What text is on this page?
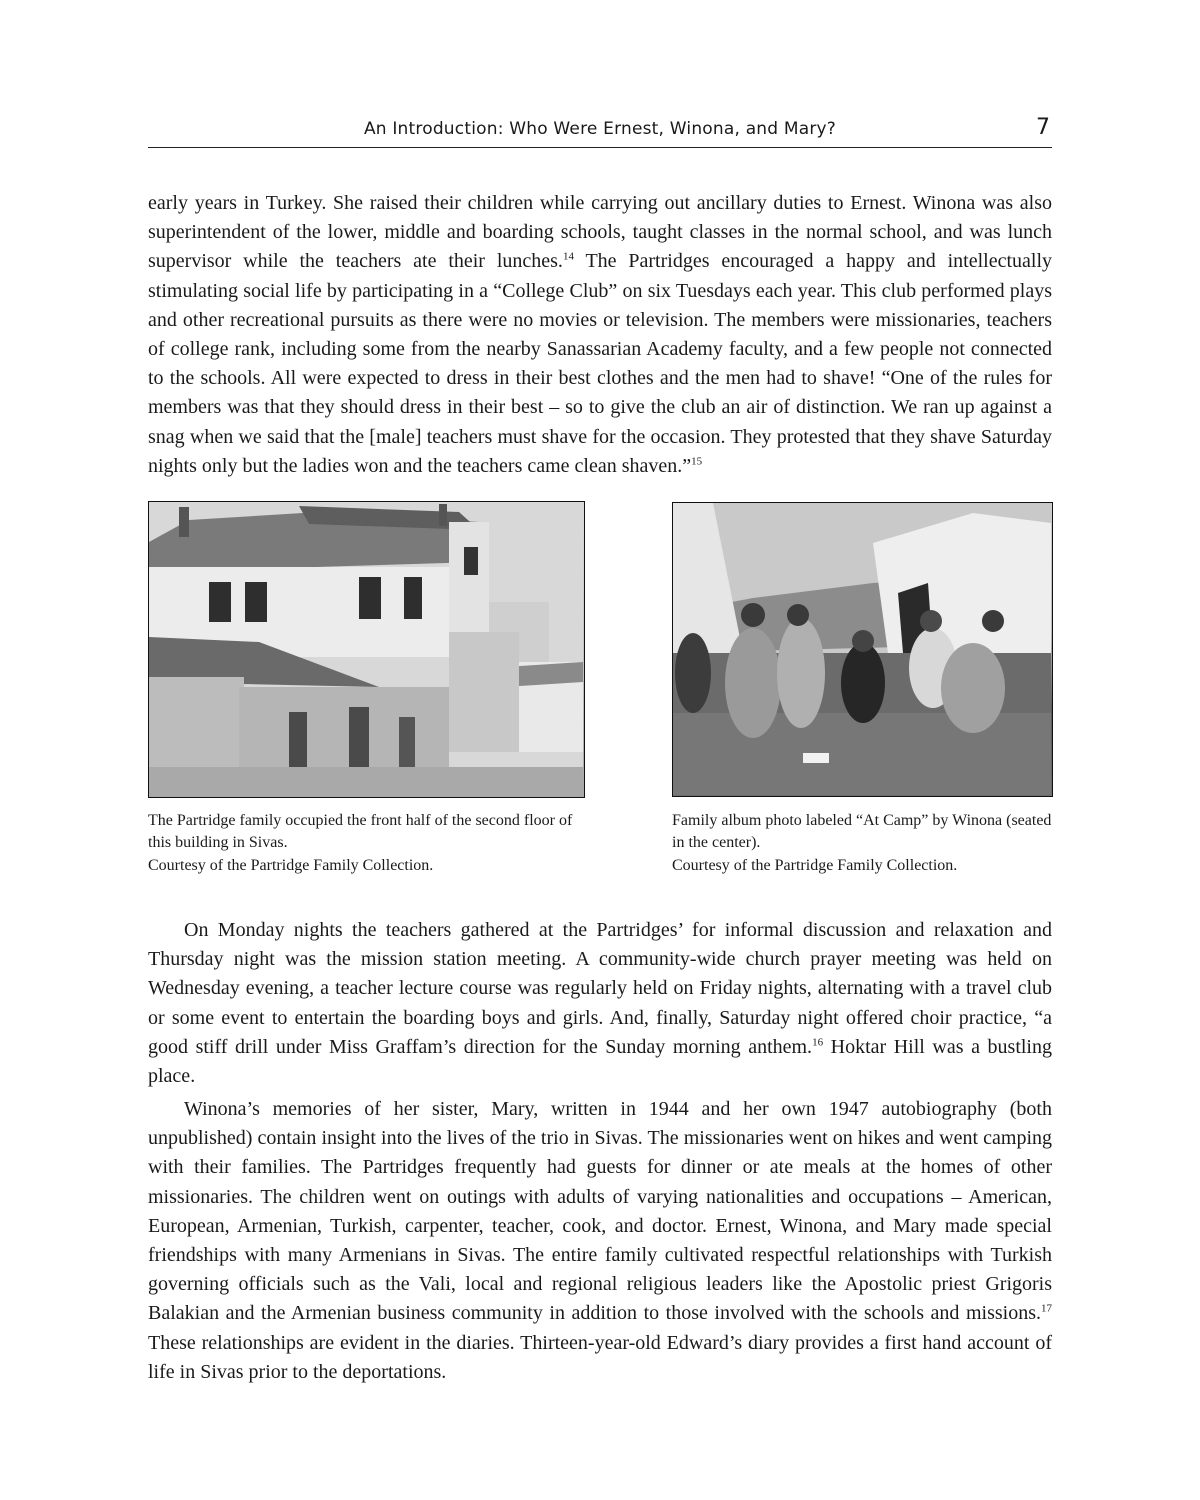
An Introduction: Who Were Ernest, Winona, and Mary?	7

early years in Turkey. She raised their children while carrying out ancillary duties to Ernest. Winona was also superintendent of the lower, middle and boarding schools, taught classes in the normal school, and was lunch supervisor while the teachers ate their lunches.$^{14}$ The Partridges encouraged a happy and intellectually stimulating social life by participating in a “College Club” on six Tuesdays each year. This club performed plays and other recreational pursuits as there were no movies or television. The members were missionaries, teachers of college rank, including some from the nearby Sanassarian Academy faculty, and a few people not connected to the schools. All were expected to dress in their best clothes and the men had to shave! “One of the rules for members was that they should dress in their best – so to give the club an air of distinction. We ran up against a snag when we said that the [male] teachers must shave for the occasion. They protested that they shave Saturday nights only but the ladies won and the teachers came clean shaven.”$^{15}$

The Partridge family occupied the front half of the second floor of this building in Sivas.
Courtesy of the Partridge Family Collection.

Family album photo labeled “At Camp” by Winona (seated in the center).
Courtesy of the Partridge Family Collection.

On Monday nights the teachers gathered at the Partridges’ for informal discussion and relaxation and Thursday night was the mission station meeting. A community-wide church prayer meeting was held on Wednesday evening, a teacher lecture course was regularly held on Friday nights, alternating with a travel club or some event to entertain the boarding boys and girls. And, finally, Saturday night offered choir practice, “a good stiff drill under Miss Graffam’s direction for the Sunday morning anthem.$^{16}$ Hoktar Hill was a bustling place.

Winona’s memories of her sister, Mary, written in 1944 and her own 1947 autobiography (both unpublished) contain insight into the lives of the trio in Sivas. The missionaries went on hikes and went camping with their families. The Partridges frequently had guests for dinner or ate meals at the homes of other missionaries. The children went on outings with adults of varying nationalities and occupations – American, European, Armenian, Turkish, carpenter, teacher, cook, and doctor. Ernest, Winona, and Mary made special friendships with many Armenians in Sivas. The entire family cultivated respectful relationships with Turkish governing officials such as the Vali, local and regional religious leaders like the Apostolic priest Grigoris Balakian and the Armenian business community in addition to those involved with the schools and missions.$^{17}$ These relationships are evident in the diaries. Thirteen-year-old Edward’s diary provides a first hand account of life in Sivas prior to the deportations.
